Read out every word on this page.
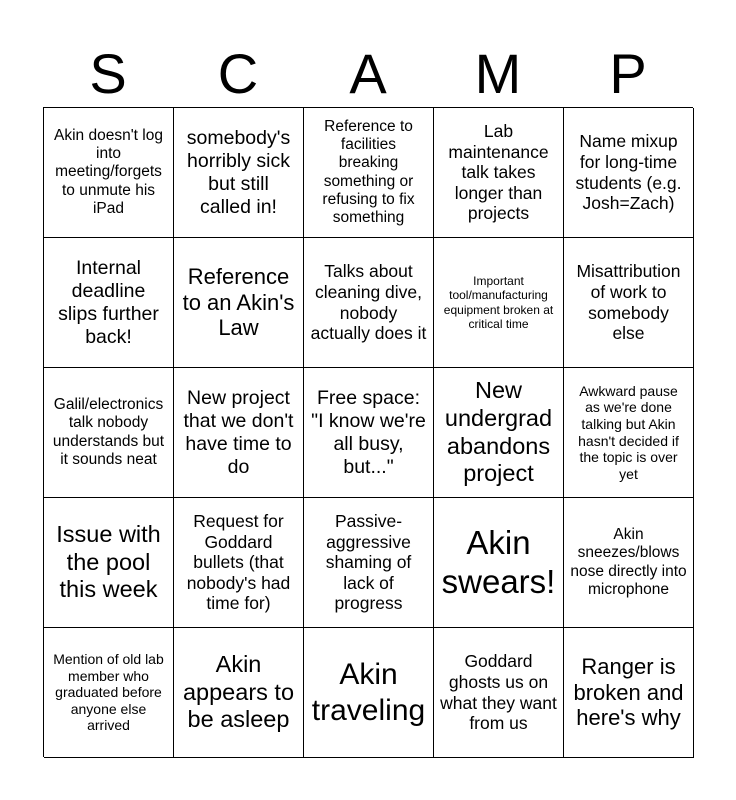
S	C	A	M	P
Akin doesn't log into meeting/forgets to unmute his iPad
somebody's horribly sick but still called in!
Reference to facilities breaking something or refusing to fix something
Lab maintenance talk takes longer than projects
Name mixup for long-time students (e.g. Josh=Zach)
Internal deadline slips further back!
Reference to an Akin's Law
Talks about cleaning dive, nobody actually does it
Important tool/manufacturing equipment broken at critical time
Misattribution of work to somebody else
Galil/electronics talk nobody understands but it sounds neat
New project that we don't have time to do
Free space: "I know we're all busy, but..."
New undergrad abandons project
Awkward pause as we're done talking but Akin hasn't decided if the topic is over yet
Issue with the pool this week
Request for Goddard bullets (that nobody's had time for)
Passive-aggressive shaming of lack of progress
Akin swears!
Akin sneezes/blows nose directly into microphone
Mention of old lab member who graduated before anyone else arrived
Akin appears to be asleep
Akin traveling
Goddard ghosts us on what they want from us
Ranger is broken and here's why
